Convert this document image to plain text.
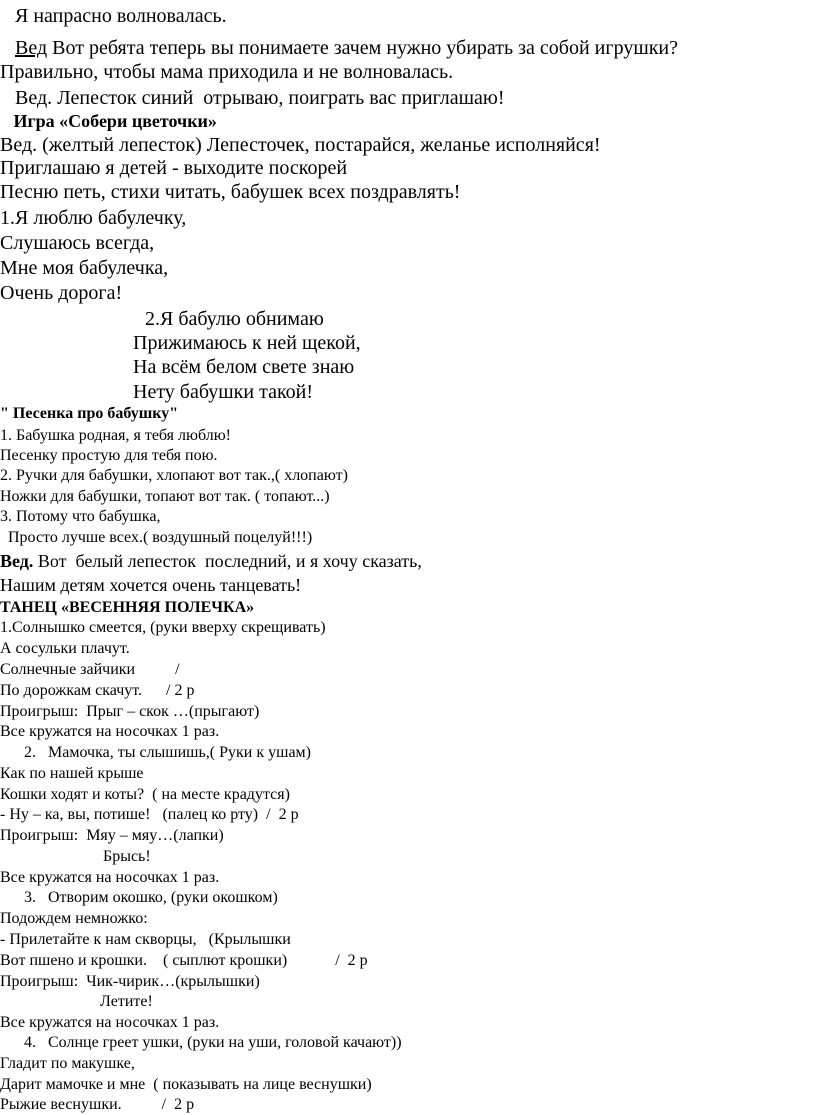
Я напрасно волновалась.
Вед Вот ребята теперь вы понимаете зачем нужно убирать за собой игрушки?
Правильно, чтобы мама приходила и не волновалась.
Вед. Лепесток синий  отрываю, поиграть вас приглашаю!
Игра «Собери цветочки»
Вед. (желтый лепесток) Лепесточек, постарайся, желанье исполняйся!
Приглашаю я детей - выходите поскорей
Песню петь, стихи читать, бабушек всех поздравлять!
1.Я люблю бабулечку,
Слушаюсь всегда,
Мне моя бабулечка,
Очень дорога!
2.Я бабулю обнимаю
Прижимаюсь к ней щекой,
На всём белом свете знаю
Нету бабушки такой!
" Песенка про бабушку"
1. Бабушка родная, я тебя люблю!
Песенку простую для тебя пою.
2. Ручки для бабушки, хлопают вот так.,( хлопают)
Ножки для бабушки, топают вот так. ( топают...)
3. Потому что бабушка,
Просто лучше всех.( воздушный поцелуй!!!)
Вед. Вот  белый лепесток  последний, и я хочу сказать,
Нашим детям хочется очень танцевать!
ТАНЕЦ «ВЕСЕННЯЯ ПОЛЕЧКА»
1.Солнышко смеется, (руки вверху скрещивать)
А сосульки плачут.
Солнечные зайчики          /
По дорожкам скачут.      / 2 р
Проигрыш:  Прыг – скок …(прыгают)
Все кружатся на носочках 1 раз.
2.   Мамочка, ты слышишь,( Руки к ушам)
Как по нашей крыше
Кошки ходят и коты?  ( на месте крадутся)
- Ну – ка, вы, потише!   (палец ко рту)  /  2 р
Проигрыш:  Мяу – мяу…(лапки)
Брысь!
Все кружатся на носочках 1 раз.
3.   Отворим окошко, (руки окошком)
Подождем немножко:
- Прилетайте к нам скворцы,   (Крылышки
Вот пшено и крошки.    ( сыплют крошки)            /  2 р
Проигрыш:  Чик-чирик…(крылышки)
Летите!
Все кружатся на носочках 1 раз.
4.   Солнце греет ушки, (руки на уши, головой качают))
Гладит по макушке,
Дарит мамочке и мне  ( показывать на лице веснушки)
Рыжие веснушки.          /  2 р
